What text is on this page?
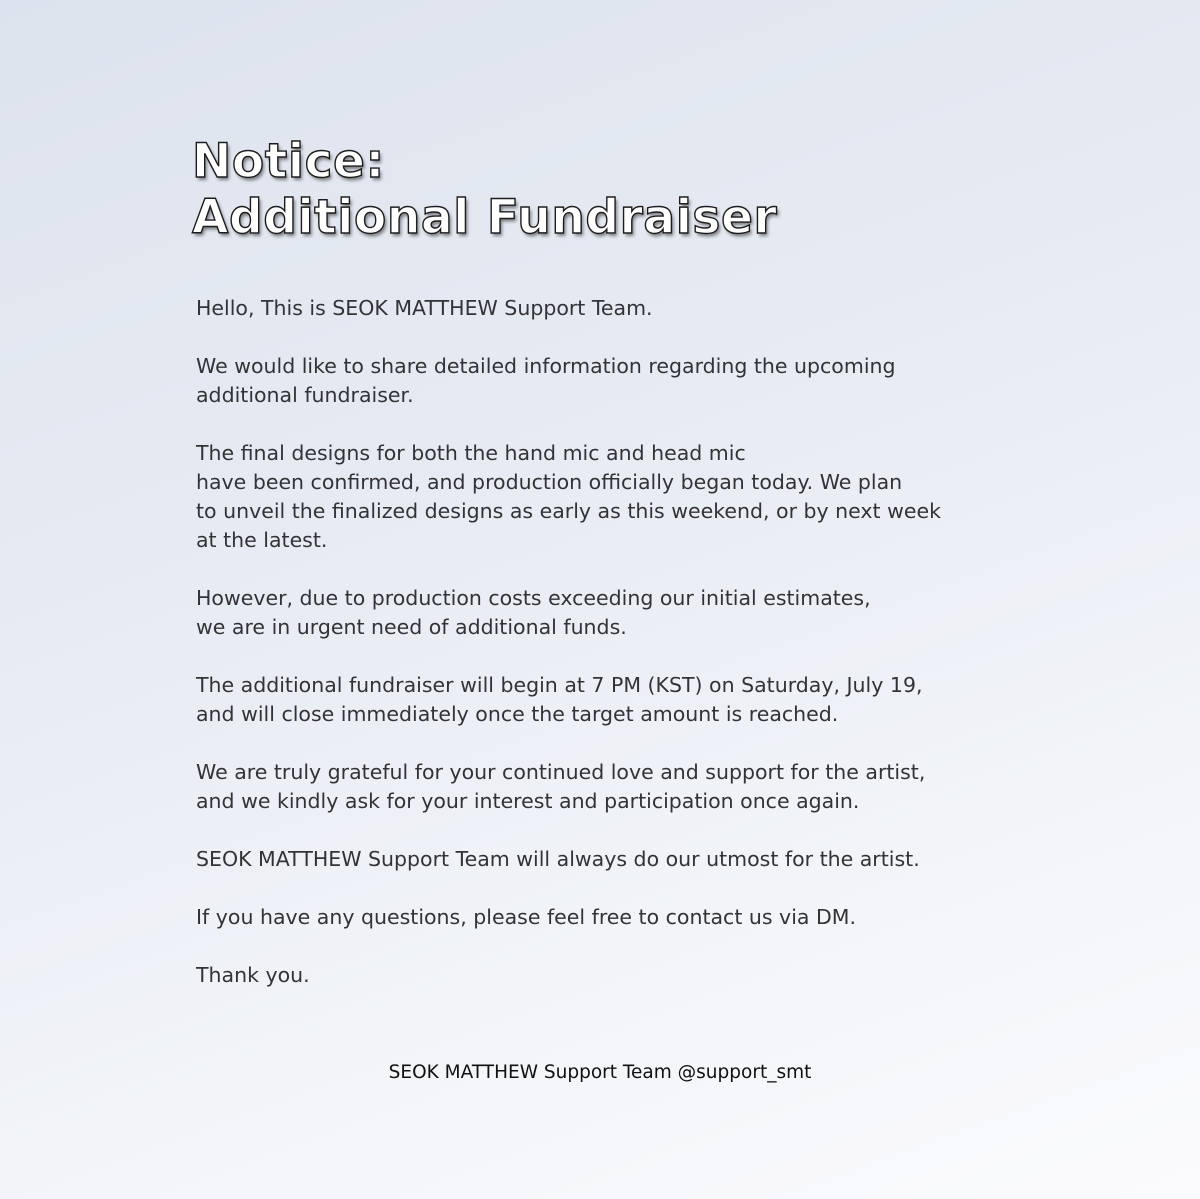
Notice:
Additional Fundraiser

Hello, This is SEOK MATTHEW Support Team.

We would like to share detailed information regarding the upcoming
additional fundraiser.

The final designs for both the hand mic and head mic
have been confirmed, and production officially began today. We plan
to unveil the finalized designs as early as this weekend, or by next week
at the latest.

However, due to production costs exceeding our initial estimates,
we are in urgent need of additional funds.

The additional fundraiser will begin at 7 PM (KST) on Saturday, July 19,
and will close immediately once the target amount is reached.

We are truly grateful for your continued love and support for the artist,
and we kindly ask for your interest and participation once again.

SEOK MATTHEW Support Team will always do our utmost for the artist.

If you have any questions, please feel free to contact us via DM.

Thank you.

SEOK MATTHEW Support Team @support_smt
